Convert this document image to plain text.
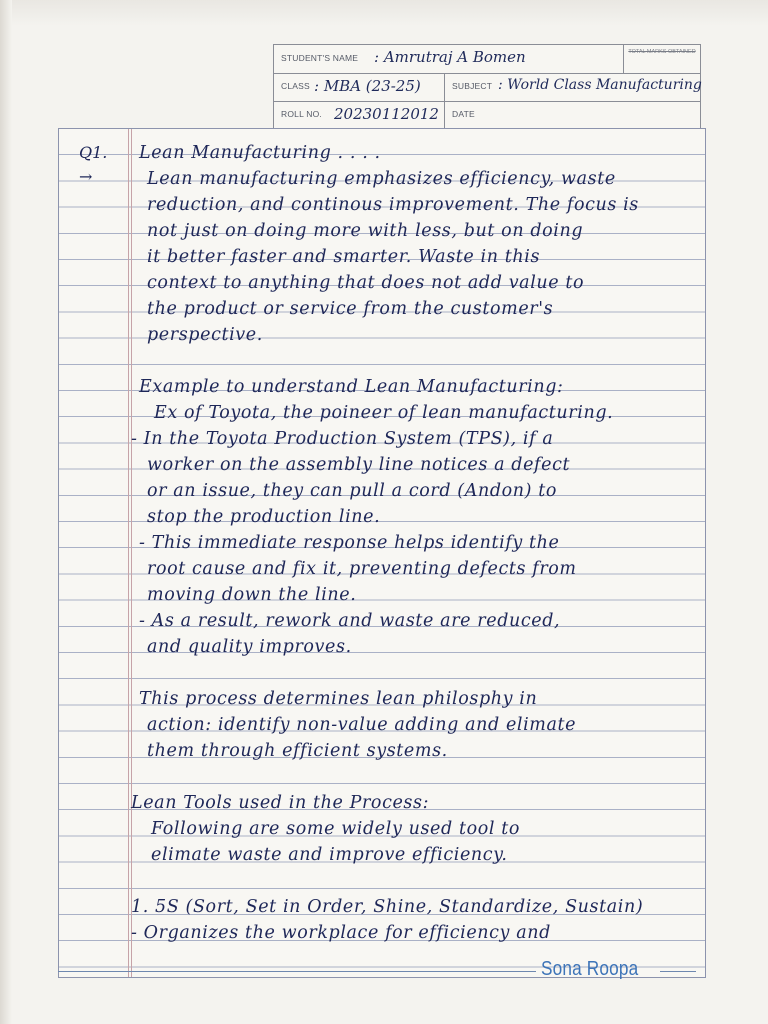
STUDENT'S NAME : Amrutraj A Bomen	TOTAL MARKS OBTAINED
CLASS : MBA (23-25)	SUBJECT : World Class Manufacturing
ROLL NO. 20230112012 DATE
Q1.
→
Lean Manufacturing . . . .
Lean manufacturing emphasizes efficiency, waste
reduction, and continous improvement. The focus is
not just on doing more with less, but on doing
it better faster and smarter. Waste in this
context to anything that does not add value to
the product or service from the customer's
perspective.
Example to understand Lean Manufacturing:
Ex of Toyota, the poineer of lean manufacturing.
- In the Toyota Production System (TPS), if a
worker on the assembly line notices a defect
or an issue, they can pull a cord (Andon) to
stop the production line.
- This immediate response helps identify the
root cause and fix it, preventing defects from
moving down the line.
- As a result, rework and waste are reduced,
and quality improves.
This process determines lean philosphy in
action: identify non-value adding and elimate
them through efficient systems.
Lean Tools used in the Process:
Following are some widely used tool to
elimate waste and improve efficiency.
1. 5S (Sort, Set in Order, Shine, Standardize, Sustain)
- Organizes the workplace for efficiency and
Sona Roopa
